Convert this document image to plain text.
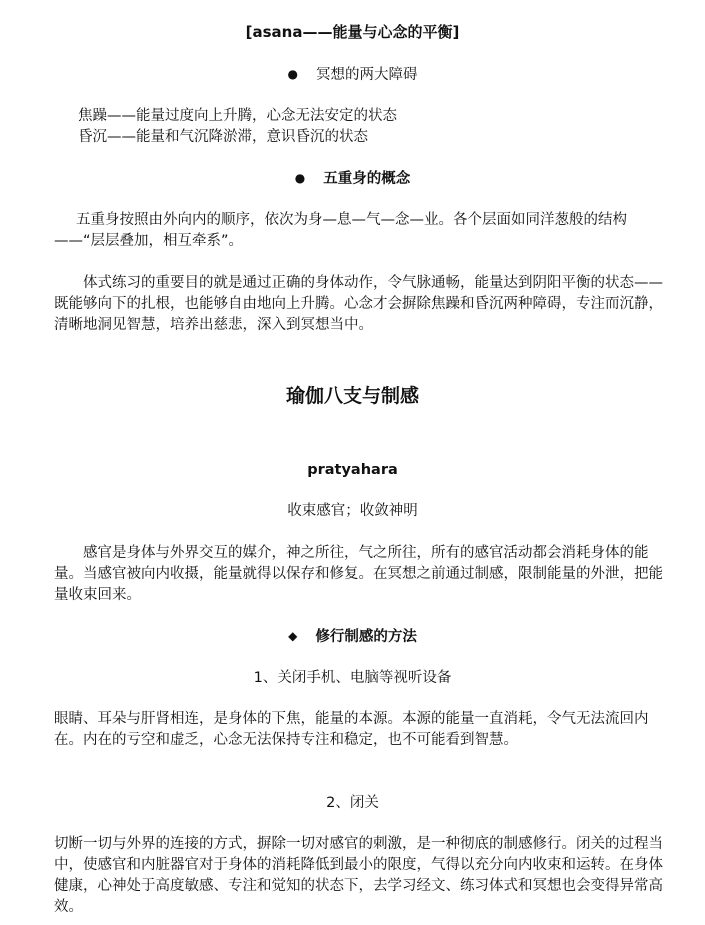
[asana——能量与心念的平衡]
● 冥想的两大障碍
焦躁——能量过度向上升腾，心念无法安定的状态
昏沉——能量和气沉降淤滞，意识昏沉的状态
● 五重身的概念

五重身按照由外向内的顺序，依次为身—息—气—念—业。各个层面如同洋葱般的结构——“层层叠加，相互牵系”。

体式练习的重要目的就是通过正确的身体动作，令气脉通畅，能量达到阴阳平衡的状态——既能够向下的扎根，也能够自由地向上升腾。心念才会摒除焦躁和昏沉两种障碍，专注而沉静，清晰地洞见智慧，培养出慈悲，深入到冥想当中。

瑜伽八支与制感
pratyahara
收束感官；收敛神明

感官是身体与外界交互的媒介，神之所往，气之所往，所有的感官活动都会消耗身体的能量。当感官被向内收摄，能量就得以保存和修复。在冥想之前通过制感，限制能量的外泄，把能量收束回来。

◆ 修行制感的方法
1、关闭手机、电脑等视听设备

眼睛、耳朵与肝肾相连，是身体的下焦，能量的本源。本源的能量一直消耗，令气无法流回内在。内在的亏空和虚乏，心念无法保持专注和稳定，也不可能看到智慧。

2、闭关

切断一切与外界的连接的方式，摒除一切对感官的刺激，是一种彻底的制感修行。闭关的过程当中，使感官和内脏器官对于身体的消耗降低到最小的限度，气得以充分向内收束和运转。在身体健康，心神处于高度敏感、专注和觉知的状态下，去学习经文、练习体式和冥想也会变得异常高效。
